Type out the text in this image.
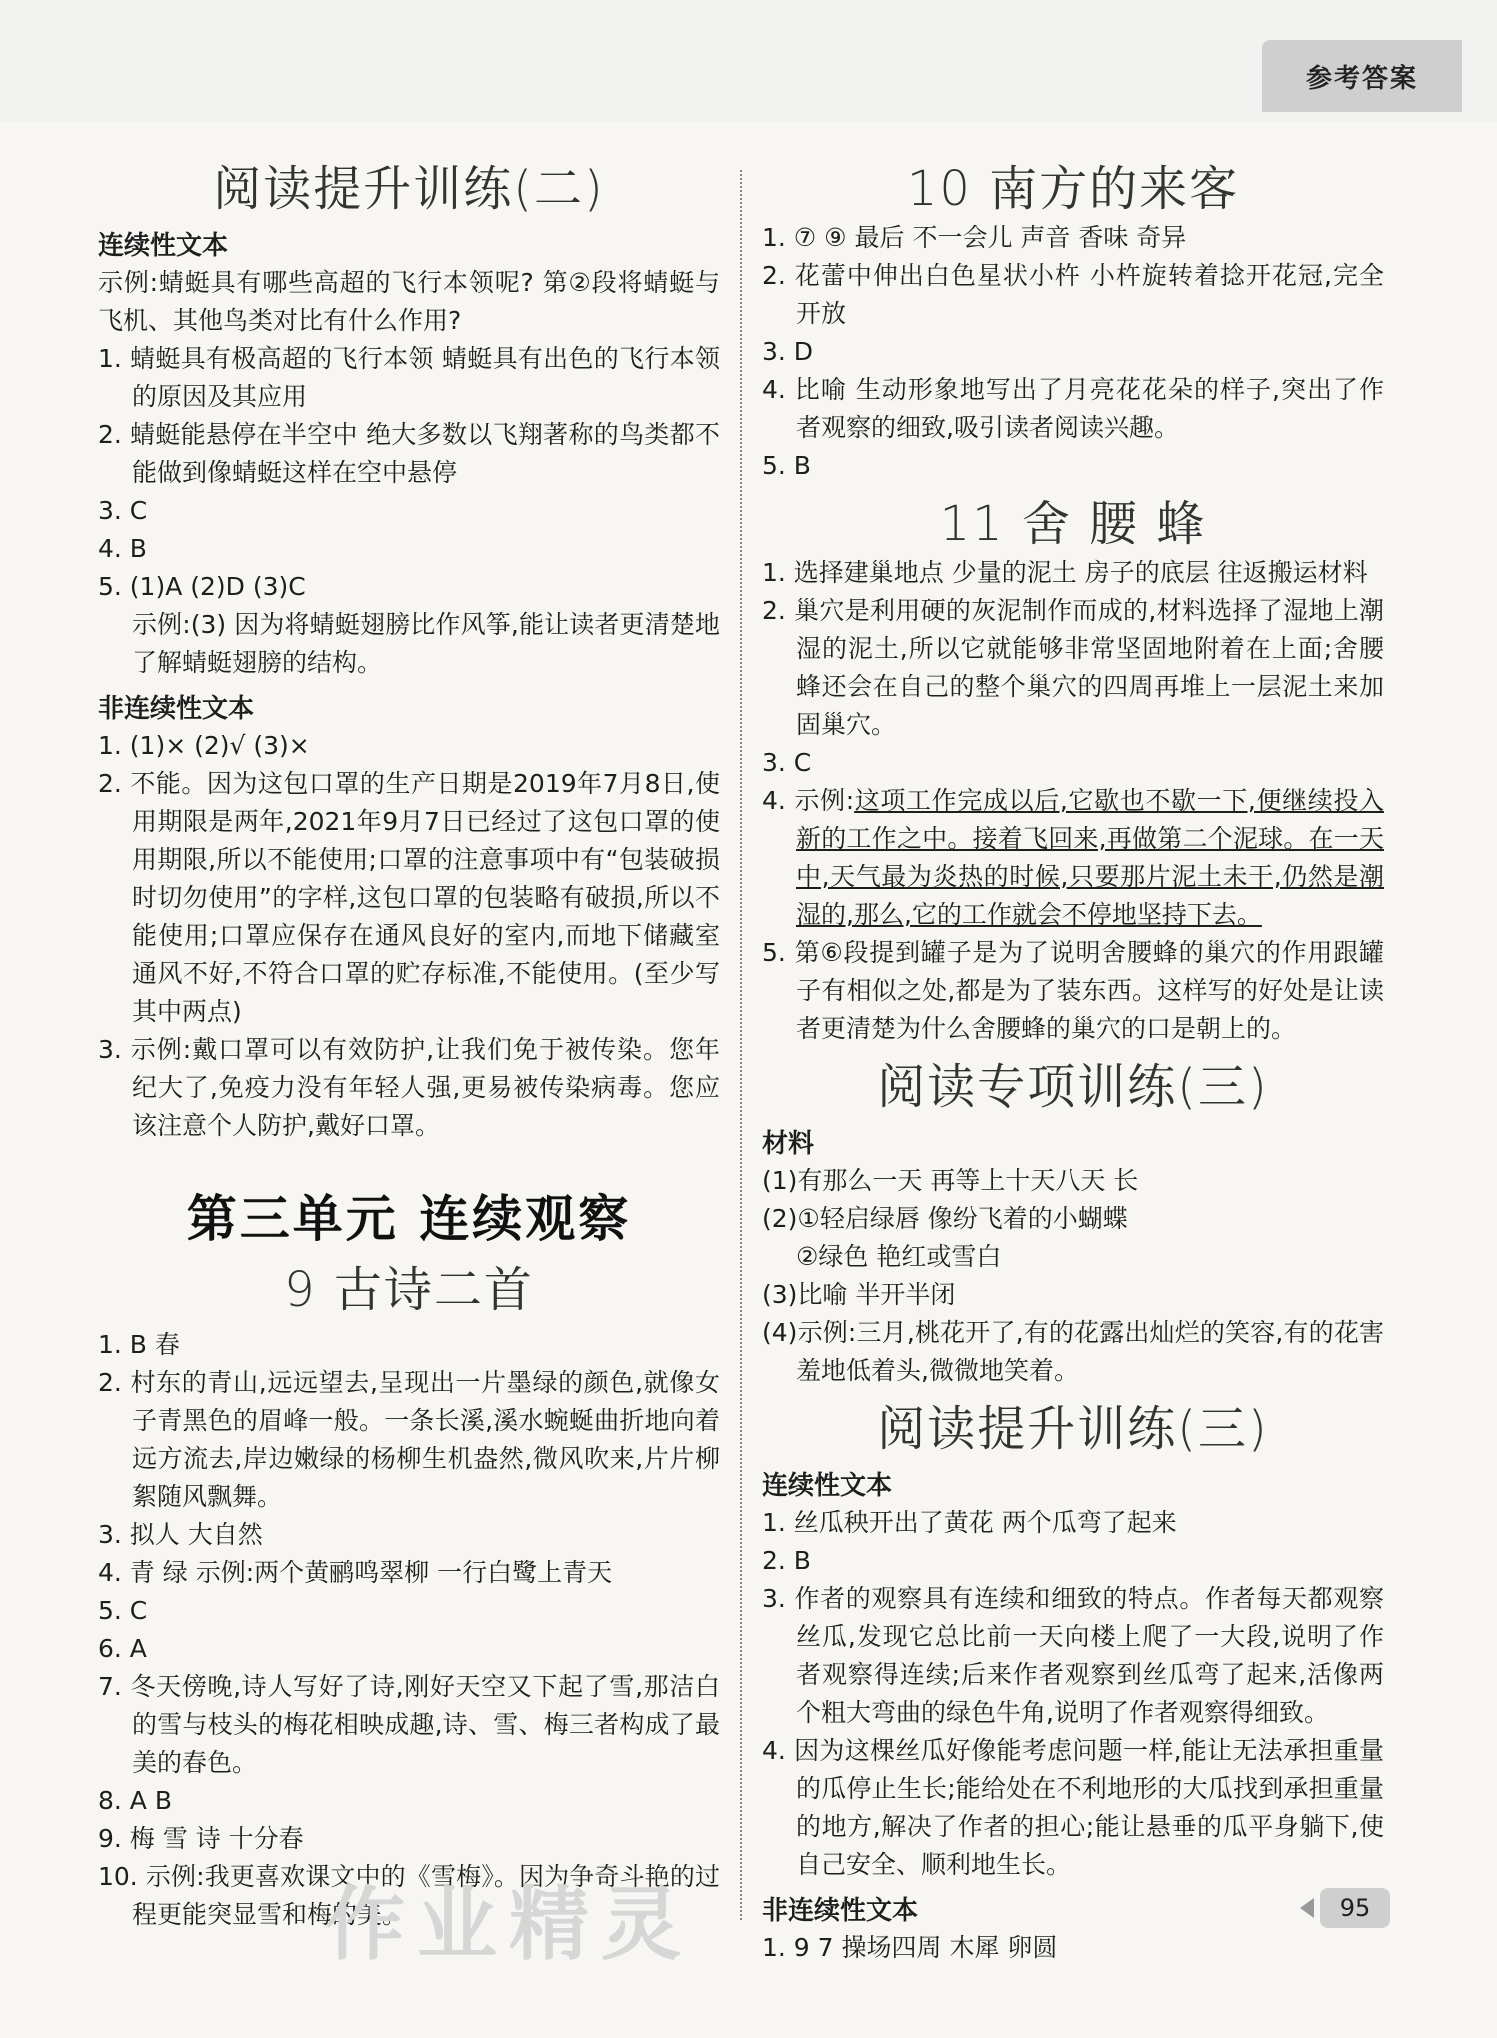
参考答案
阅读提升训练(二)

连续性文本

示例:蜻蜓具有哪些高超的飞行本领呢? 第②段将蜻蜓与飞机、其他鸟类对比有什么作用?

1. 蜻蜓具有极高超的飞行本领 蜻蜓具有出色的飞行本领的原因及其应用

2. 蜻蜓能悬停在半空中 绝大多数以飞翔著称的鸟类都不能做到像蜻蜓这样在空中悬停

3. C

4. B

5. (1)A (2)D (3)C

示例:(3) 因为将蜻蜓翅膀比作风筝,能让读者更清楚地了解蜻蜓翅膀的结构。

非连续性文本

1. (1)× (2)√ (3)×

2. 不能。因为这包口罩的生产日期是2019年7月8日,使用期限是两年,2021年9月7日已经过了这包口罩的使用期限,所以不能使用;口罩的注意事项中有“包装破损时切勿使用”的字样,这包口罩的包装略有破损,所以不能使用;口罩应保存在通风良好的室内,而地下储藏室通风不好,不符合口罩的贮存标准,不能使用。(至少写其中两点)

3. 示例:戴口罩可以有效防护,让我们免于被传染。您年纪大了,免疫力没有年轻人强,更易被传染病毒。您应该注意个人防护,戴好口罩。

第三单元 连续观察
9 古诗二首

1. B 春

2. 村东的青山,远远望去,呈现出一片墨绿的颜色,就像女子青黑色的眉峰一般。一条长溪,溪水蜿蜒曲折地向着远方流去,岸边嫩绿的杨柳生机盎然,微风吹来,片片柳絮随风飘舞。

3. 拟人 大自然

4. 青 绿 示例:两个黄鹂鸣翠柳 一行白鹭上青天

5. C

6. A

7. 冬天傍晚,诗人写好了诗,刚好天空又下起了雪,那洁白的雪与枝头的梅花相映成趣,诗、雪、梅三者构成了最美的春色。

8. A B

9. 梅 雪 诗 十分春

10. 示例:我更喜欢课文中的《雪梅》。因为争奇斗艳的过程更能突显雪和梅的美。

10 南方的来客

1. ⑦ ⑨ 最后 不一会儿 声音 香味 奇异

2. 花蕾中伸出白色星状小杵 小杵旋转着捻开花冠,完全开放

3. D

4. 比喻 生动形象地写出了月亮花花朵的样子,突出了作者观察的细致,吸引读者阅读兴趣。

5. B

11 舍 腰 蜂

1. 选择建巢地点 少量的泥土 房子的底层 往返搬运材料

2. 巢穴是利用硬的灰泥制作而成的,材料选择了湿地上潮湿的泥土,所以它就能够非常坚固地附着在上面;舍腰蜂还会在自己的整个巢穴的四周再堆上一层泥土来加固巢穴。

3. C

4. 示例:这项工作完成以后,它歇也不歇一下,便继续投入新的工作之中。接着飞回来,再做第二个泥球。在一天中,天气最为炎热的时候,只要那片泥土未干,仍然是潮湿的,那么,它的工作就会不停地坚持下去。

5. 第⑥段提到罐子是为了说明舍腰蜂的巢穴的作用跟罐子有相似之处,都是为了装东西。这样写的好处是让读者更清楚为什么舍腰蜂的巢穴的口是朝上的。

阅读专项训练(三)

材料

(1)有那么一天 再等上十天八天 长

(2)①轻启绿唇 像纷飞着的小蝴蝶

②绿色 艳红或雪白

(3)比喻 半开半闭

(4)示例:三月,桃花开了,有的花露出灿烂的笑容,有的花害羞地低着头,微微地笑着。

阅读提升训练(三)

连续性文本

1. 丝瓜秧开出了黄花 两个瓜弯了起来

2. B

3. 作者的观察具有连续和细致的特点。作者每天都观察丝瓜,发现它总比前一天向楼上爬了一大段,说明了作者观察得连续;后来作者观察到丝瓜弯了起来,活像两个粗大弯曲的绿色牛角,说明了作者观察得细致。

4. 因为这棵丝瓜好像能考虑问题一样,能让无法承担重量的瓜停止生长;能给处在不利地形的大瓜找到承担重量的地方,解决了作者的担心;能让悬垂的瓜平身躺下,使自己安全、顺利地生长。

非连续性文本

1. 9 7 操场四周 木犀 卵圆

作业精灵	95
